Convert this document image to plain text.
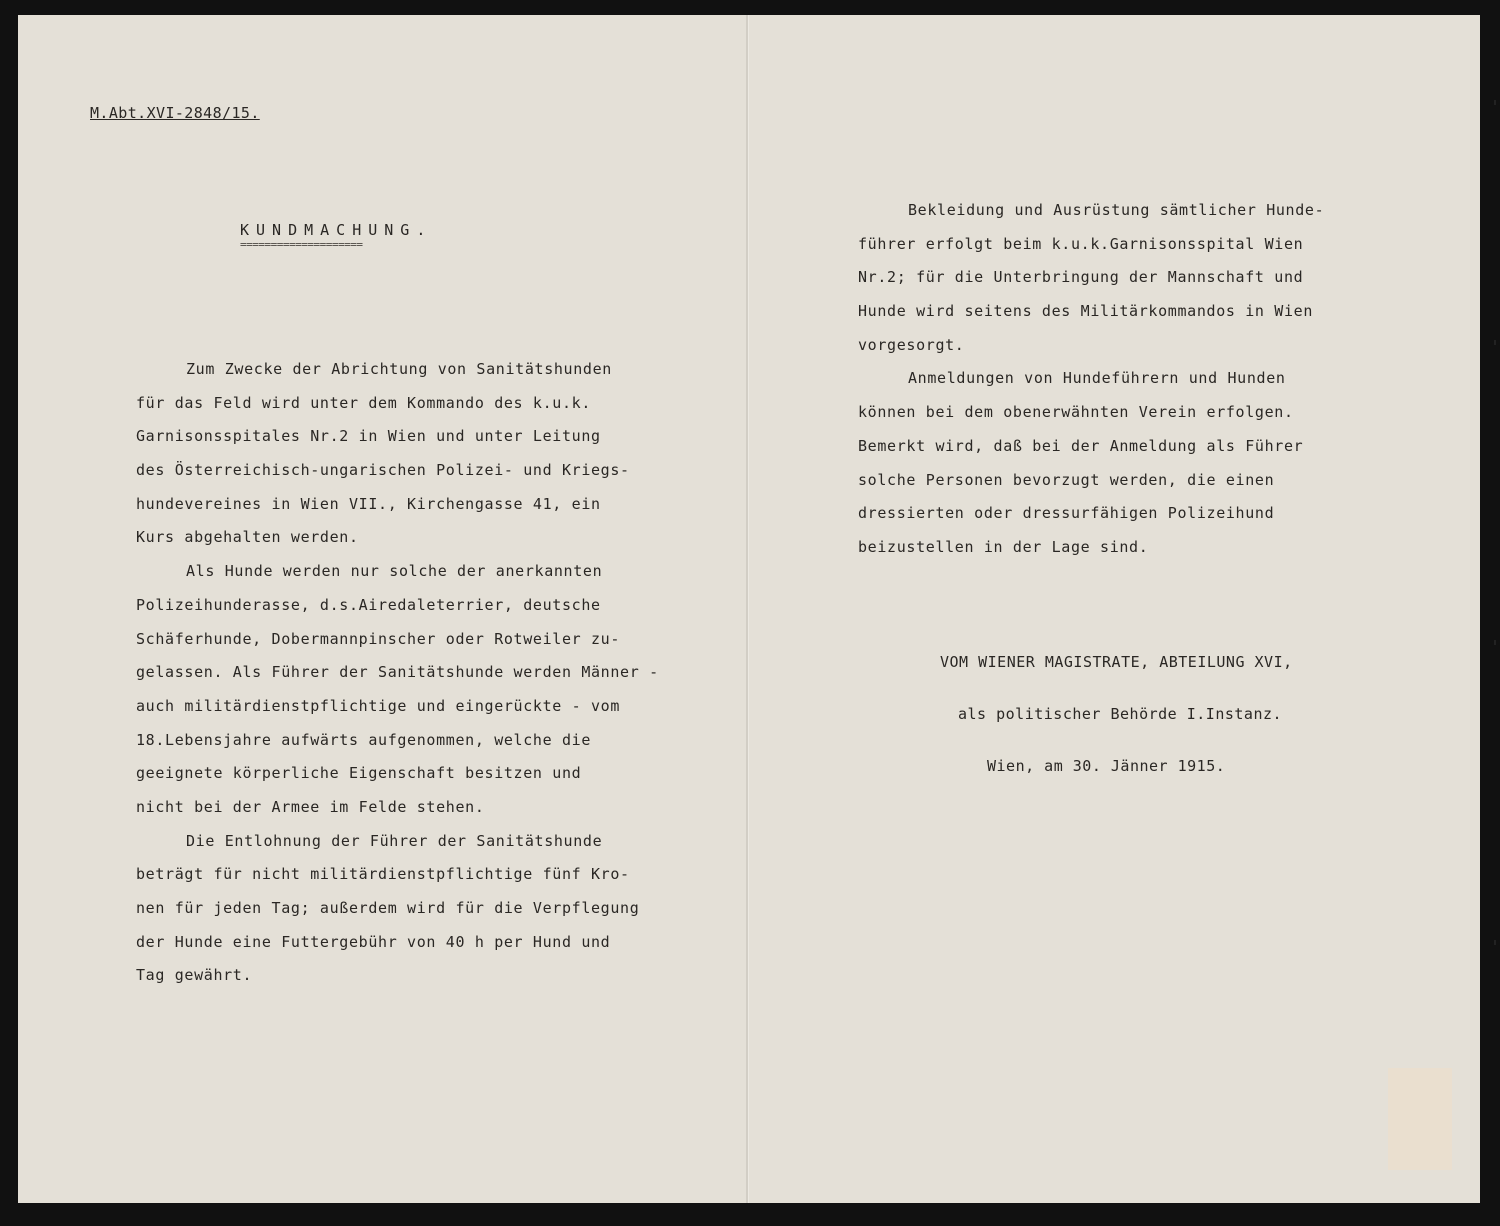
M.Abt.XVI-2848/15.
KUNDMACHUNG.
====================
Zum Zwecke der Abrichtung von Sanitätshunden
für das Feld wird unter dem Kommando des k.u.k.
Garnisonsspitales Nr.2 in Wien und unter Leitung
des Österreichisch-ungarischen Polizei- und Kriegs-
hundevereines in Wien VII., Kirchengasse 41, ein
Kurs abgehalten werden.
Als Hunde werden nur solche der anerkannten
Polizeihunderasse, d.s.Airedaleterrier, deutsche
Schäferhunde, Dobermannpinscher oder Rotweiler zu-
gelassen. Als Führer der Sanitätshunde werden Männer -
auch militärdienstpflichtige und eingerückte - vom
18.Lebensjahre aufwärts aufgenommen, welche die
geeignete körperliche Eigenschaft besitzen und
nicht bei der Armee im Felde stehen.
Die Entlohnung der Führer der Sanitätshunde
beträgt für nicht militärdienstpflichtige fünf Kro-
nen für jeden Tag; außerdem wird für die Verpflegung
der Hunde eine Futtergebühr von 40 h per Hund und
Tag gewährt.
Bekleidung und Ausrüstung sämtlicher Hunde-
führer erfolgt beim k.u.k.Garnisonsspital Wien
Nr.2; für die Unterbringung der Mannschaft und
Hunde wird seitens des Militärkommandos in Wien
vorgesorgt.
Anmeldungen von Hundeführern und Hunden
können bei dem obenerwähnten Verein erfolgen.
Bemerkt wird, daß bei der Anmeldung als Führer
solche Personen bevorzugt werden, die einen
dressierten oder dressurfähigen Polizeihund
beizustellen in der Lage sind.
VOM WIENER MAGISTRATE, ABTEILUNG XVI,
als politischer Behörde I.Instanz.
Wien, am 30. Jänner 1915.
